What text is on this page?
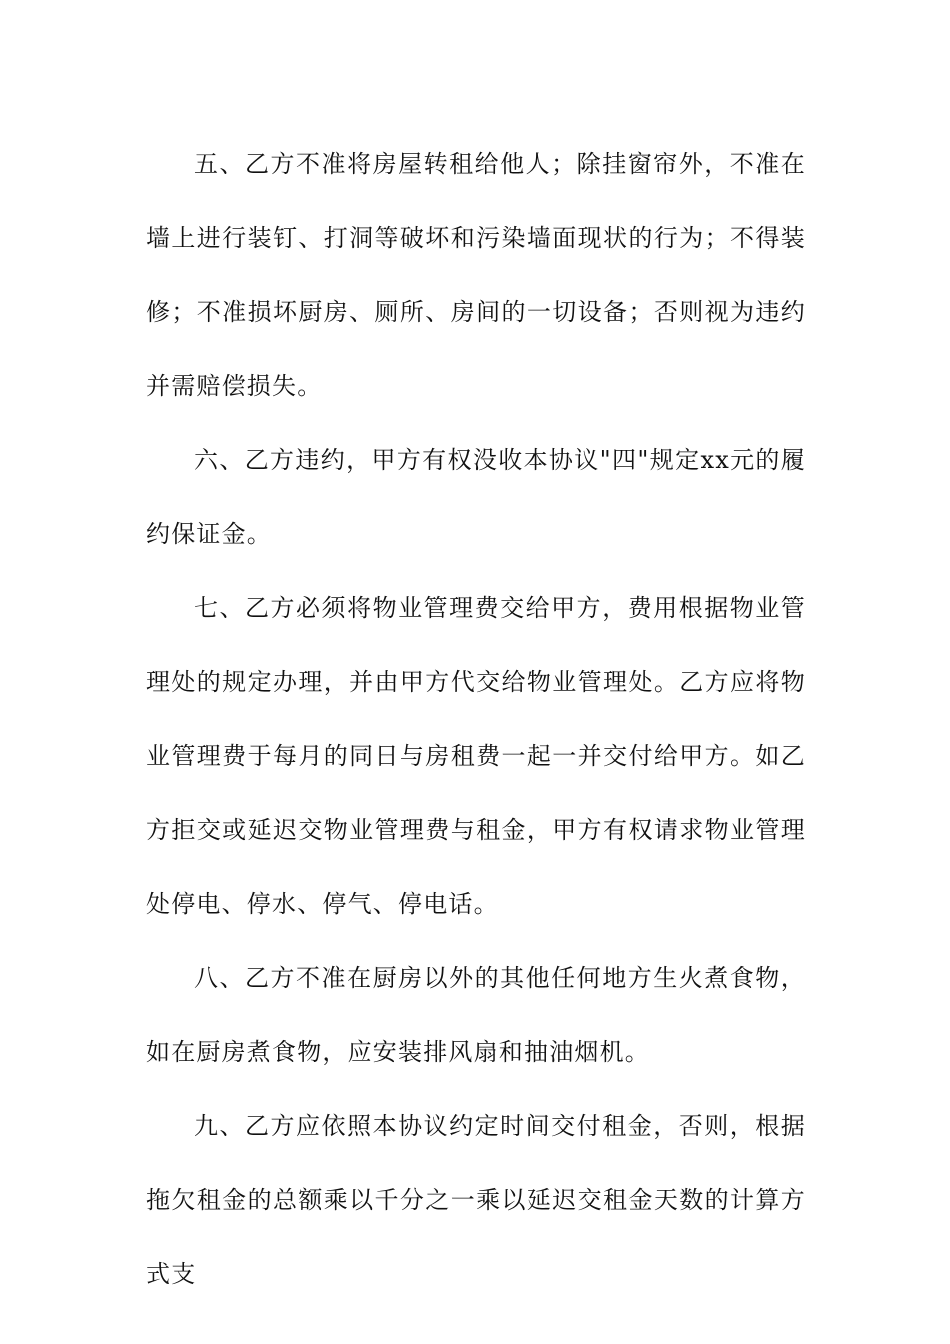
五、乙方不准将房屋转租给他人；除挂窗帘外，不准在墙上进行装钉、打洞等破坏和污染墙面现状的行为；不得装修；不准损坏厨房、厕所、房间的一切设备；否则视为违约并需赔偿损失。

六、乙方违约，甲方有权没收本协议"四"规定xx元的履约保证金。

七、乙方必须将物业管理费交给甲方，费用根据物业管理处的规定办理，并由甲方代交给物业管理处。乙方应将物业管理费于每月的同日与房租费一起一并交付给甲方。如乙方拒交或延迟交物业管理费与租金，甲方有权请求物业管理处停电、停水、停气、停电话。

八、乙方不准在厨房以外的其他任何地方生火煮食物，如在厨房煮食物，应安装排风扇和抽油烟机。

九、乙方应依照本协议约定时间交付租金，否则，根据拖欠租金的总额乘以千分之一乘以延迟交租金天数的计算方式支
